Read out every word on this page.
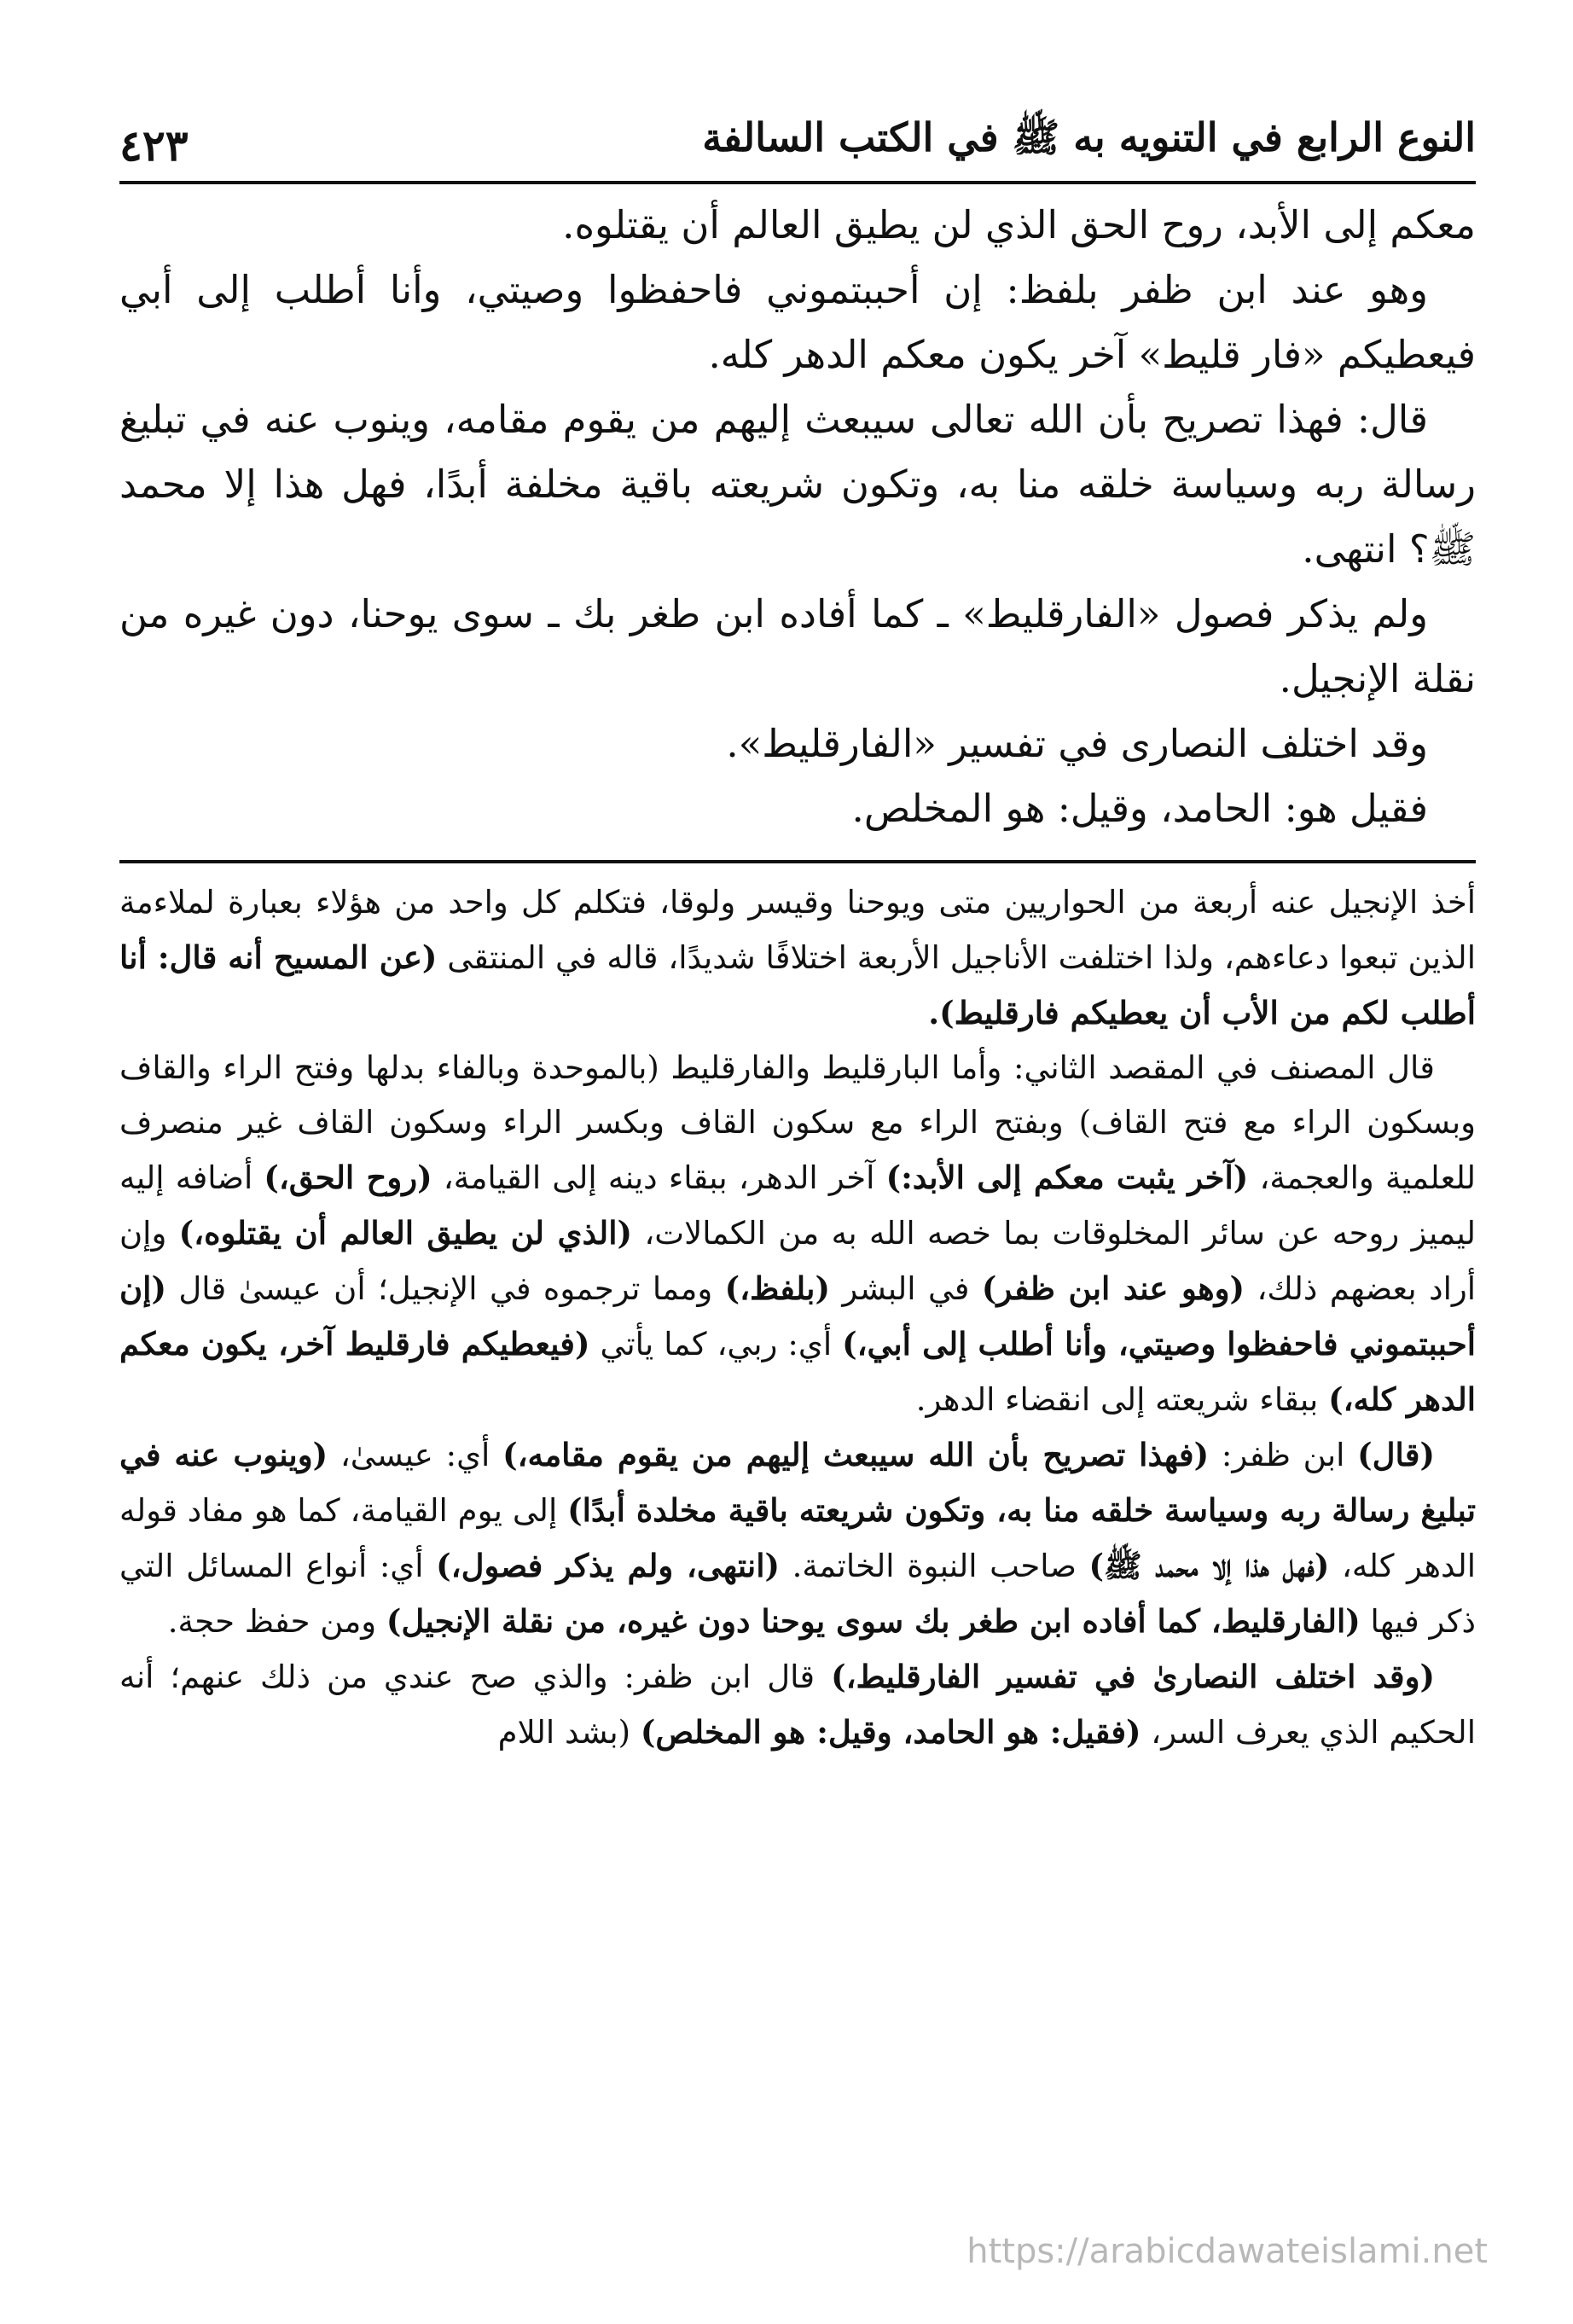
النوع الرابع في التنويه به ﷺ في الكتب السالفة
٤٢٣

معكم إلى الأبد، روح الحق الذي لن يطيق العالم أن يقتلوه.

وهو عند ابن ظفر بلفظ: إن أحببتموني فاحفظوا وصيتي، وأنا أطلب إلى أبي فيعطيكم «فار قليط» آخر يكون معكم الدهر كله.

قال: فهذا تصريح بأن الله تعالى سيبعث إليهم من يقوم مقامه، وينوب عنه في تبليغ رسالة ربه وسياسة خلقه منا به، وتكون شريعته باقية مخلفة أبدًا، فهل هذا إلا محمد ﷺ؟ انتهى.

ولم يذكر فصول «الفارقليط» ـ كما أفاده ابن طغر بك ـ سوى يوحنا، دون غيره من نقلة الإنجيل.

وقد اختلف النصارى في تفسير «الفارقليط».

فقيل هو: الحامد، وقيل: هو المخلص.

أخذ الإنجيل عنه أربعة من الحواريين متى ويوحنا وقيسر ولوقا، فتكلم كل واحد من هؤلاء بعبارة لملاءمة الذين تبعوا دعاءهم، ولذا اختلفت الأناجيل الأربعة اختلافًا شديدًا، قاله في المنتقى (عن المسيح أنه قال: أنا أطلب لكم من الأب أن يعطيكم فارقليط).

قال المصنف في المقصد الثاني: وأما البارقليط والفارقليط (بالموحدة وبالفاء بدلها وفتح الراء والقاف وبسكون الراء مع فتح القاف) وبفتح الراء مع سكون القاف وبكسر الراء وسكون القاف غير منصرف للعلمية والعجمة، (آخر يثبت معكم إلى الأبد:) آخر الدهر، ببقاء دينه إلى القيامة، (روح الحق،) أضافه إليه ليميز روحه عن سائر المخلوقات بما خصه الله به من الكمالات، (الذي لن يطيق العالم أن يقتلوه،) وإن أراد بعضهم ذلك، (وهو عند ابن ظفر) في البشر (بلفظ،) ومما ترجموه في الإنجيل؛ أن عيسىٰ قال (إن أحببتموني فاحفظوا وصيتي، وأنا أطلب إلى أبي،) أي: ربي، كما يأتي (فيعطيكم فارقليط آخر، يكون معكم الدهر كله،) ببقاء شريعته إلى انقضاء الدهر.

(قال) ابن ظفر: (فهذا تصريح بأن الله سيبعث إليهم من يقوم مقامه،) أي: عيسىٰ، (وينوب عنه في تبليغ رسالة ربه وسياسة خلقه منا به، وتكون شريعته باقية مخلدة أبدًا) إلى يوم القيامة، كما هو مفاد قوله الدهر كله، (فهل هذا إلا محمد ﷺ) صاحب النبوة الخاتمة. (انتهى، ولم يذكر فصول،) أي: أنواع المسائل التي ذكر فيها (الفارقليط، كما أفاده ابن طغر بك سوى يوحنا دون غيره، من نقلة الإنجيل) ومن حفظ حجة.

(وقد اختلف النصارىٰ في تفسير الفارقليط،) قال ابن ظفر: والذي صح عندي من ذلك عنهم؛ أنه الحكيم الذي يعرف السر، (فقيل: هو الحامد، وقيل: هو المخلص) (بشد اللام

https://arabicdawateislami.net
